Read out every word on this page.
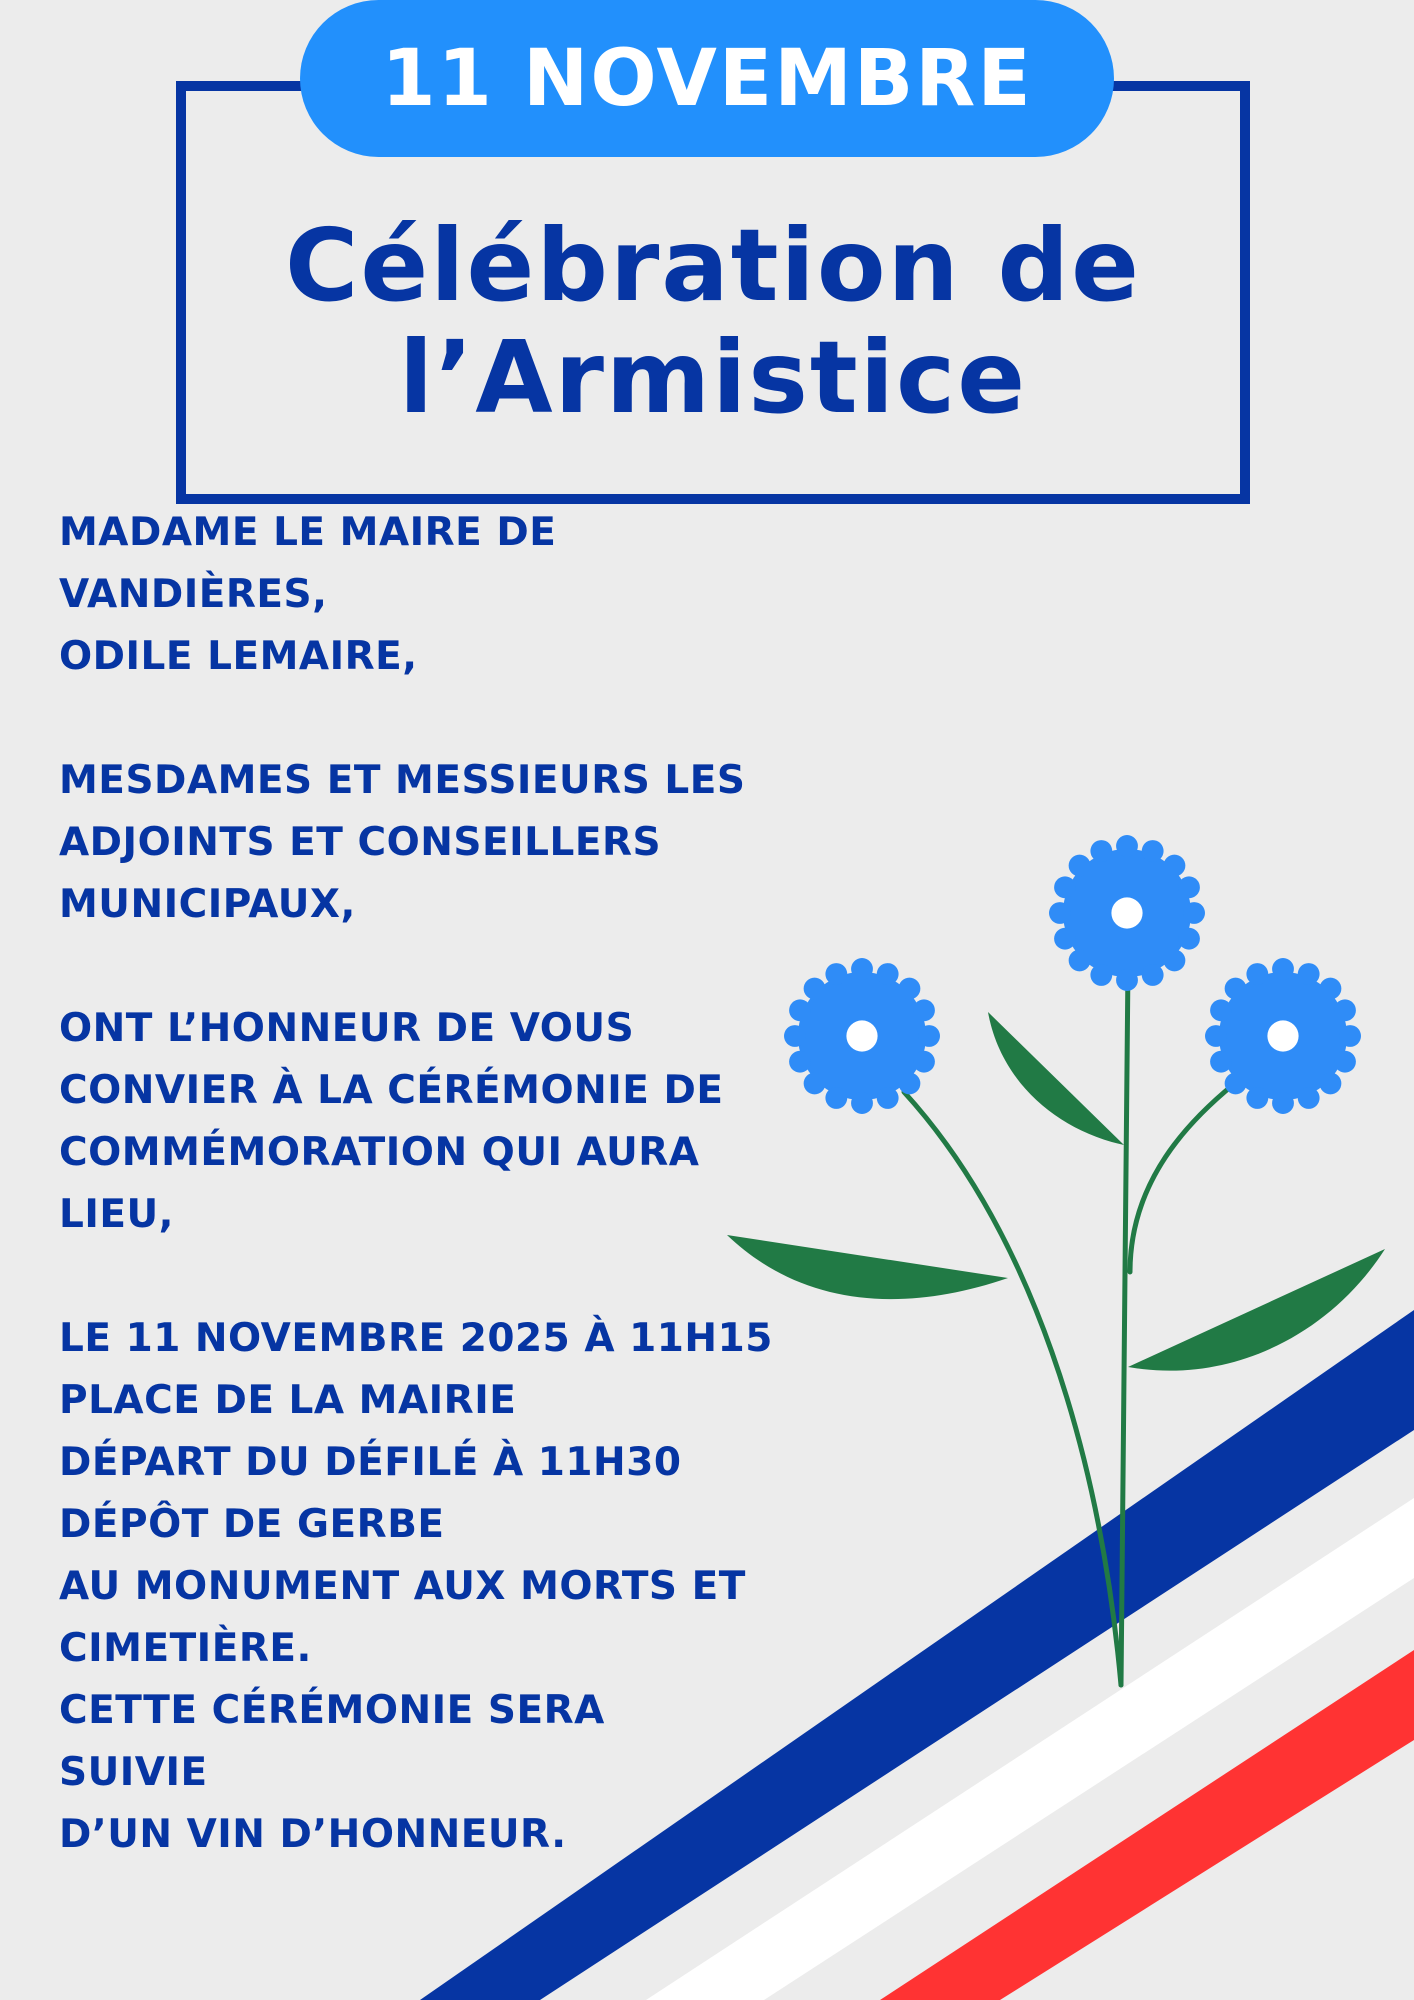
11 NOVEMBRE
Célébration de
l’Armistice
MADAME LE MAIRE DE
VANDIÈRES,
ODILE LEMAIRE,
MESDAMES ET MESSIEURS LES
ADJOINTS ET CONSEILLERS
MUNICIPAUX,
ONT L’HONNEUR DE VOUS
CONVIER À LA CÉRÉMONIE DE
COMMÉMORATION QUI AURA
LIEU,
LE 11 NOVEMBRE 2025 À 11H15
PLACE DE LA MAIRIE
DÉPART DU DÉFILÉ À 11H30
DÉPÔT DE GERBE
AU MONUMENT AUX MORTS ET
CIMETIÈRE.
CETTE CÉRÉMONIE SERA
SUIVIE
D’UN VIN D’HONNEUR.
